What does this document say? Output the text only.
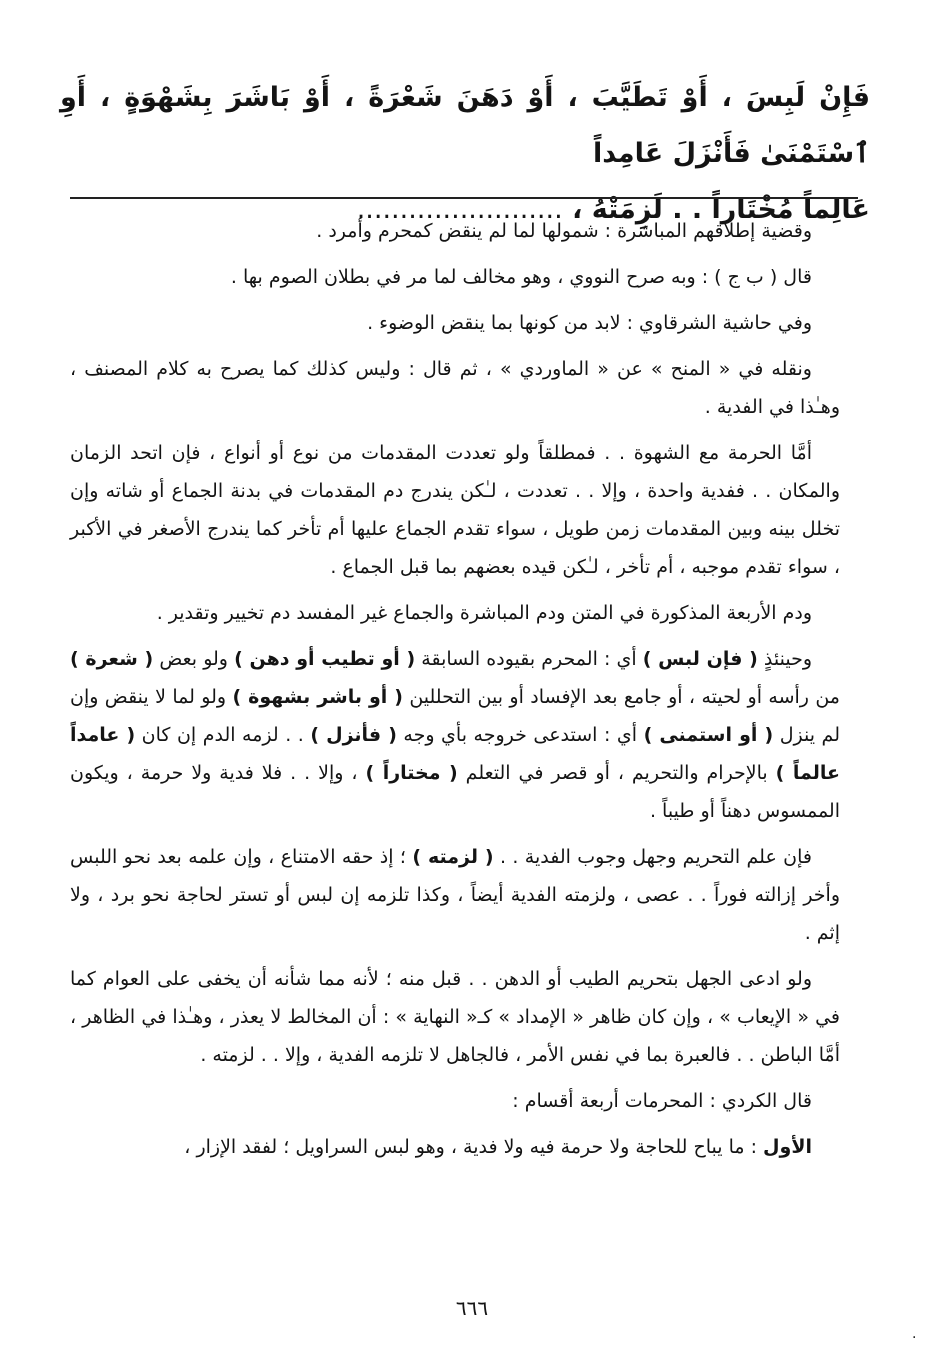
فَإِنْ لَبِسَ ، أَوْ تَطَيَّبَ ، أَوْ دَهَنَ شَعْرَةً ، أَوْ بَاشَرَ بِشَهْوَةٍ ، أَوِ ٱسْتَمْنَىٰ فَأَنْزَلَ عَامِداً
عَالِماً مُخْتَاراً . . لَزِمَتْهُ ، ........................

وقضية إطلاقهم المباشرة : شمولها لما لم ينقض كمحرم وأمرد .

قال ( ب ج ) : وبه صرح النووي ، وهو مخالف لما مر في بطلان الصوم بها .

وفي حاشية الشرقاوي : لابد من كونها بما ينقض الوضوء .

ونقله في « المنح » عن « الماوردي » ، ثم قال : وليس كذلك كما يصرح به كلام المصنف ، وهـٰذا في الفدية .

أمَّا الحرمة مع الشهوة . . فمطلقاً ولو تعددت المقدمات من نوع أو أنواع ، فإن اتحد الزمان والمكان . . ففدية واحدة ، وإلا . . تعددت ، لـٰكن يندرج دم المقدمات في بدنة الجماع أو شاته وإن تخلل بينه وبين المقدمات زمن طويل ، سواء تقدم الجماع عليها أم تأخر كما يندرج الأصغر في الأكبر ، سواء تقدم موجبه ، أم تأخر ، لـٰكن قيده بعضهم بما قبل الجماع .

ودم الأربعة المذكورة في المتن ودم المباشرة والجماع غير المفسد دم تخيير وتقدير .

وحينئذٍ ( فإن لبس ) أي : المحرم بقيوده السابقة ( أو تطيب أو دهن ) ولو بعض ( شعرة ) من رأسه أو لحيته ، أو جامع بعد الإفساد أو بين التحللين ( أو باشر بشهوة ) ولو لما لا ينقض وإن لم ينزل ( أو استمنى ) أي : استدعى خروجه بأي وجه ( فأنزل ) . . لزمه الدم إن كان ( عامداً عالماً ) بالإحرام والتحريم ، أو قصر في التعلم ( مختاراً ) ، وإلا . . فلا فدية ولا حرمة ، ويكون الممسوس دهناً أو طيباً .

فإن علم التحريم وجهل وجوب الفدية . . ( لزمته ) ؛ إذ حقه الامتناع ، وإن علمه بعد نحو اللبس وأخر إزالته فوراً . . عصى ، ولزمته الفدية أيضاً ، وكذا تلزمه إن لبس أو تستر لحاجة نحو برد ، ولا إثم .

ولو ادعى الجهل بتحريم الطيب أو الدهن . . قبل منه ؛ لأنه مما شأنه أن يخفى على العوام كما في « الإيعاب » ، وإن كان ظاهر « الإمداد » كـ« النهاية » : أن المخالط لا يعذر ، وهـٰذا في الظاهر ، أمَّا الباطن . . فالعبرة بما في نفس الأمر ، فالجاهل لا تلزمه الفدية ، وإلا . . لزمته .

قال الكردي : المحرمات أربعة أقسام :

الأول : ما يباح للحاجة ولا حرمة فيه ولا فدية ، وهو لبس السراويل ؛ لفقد الإزار ،

٦٦٦
·
